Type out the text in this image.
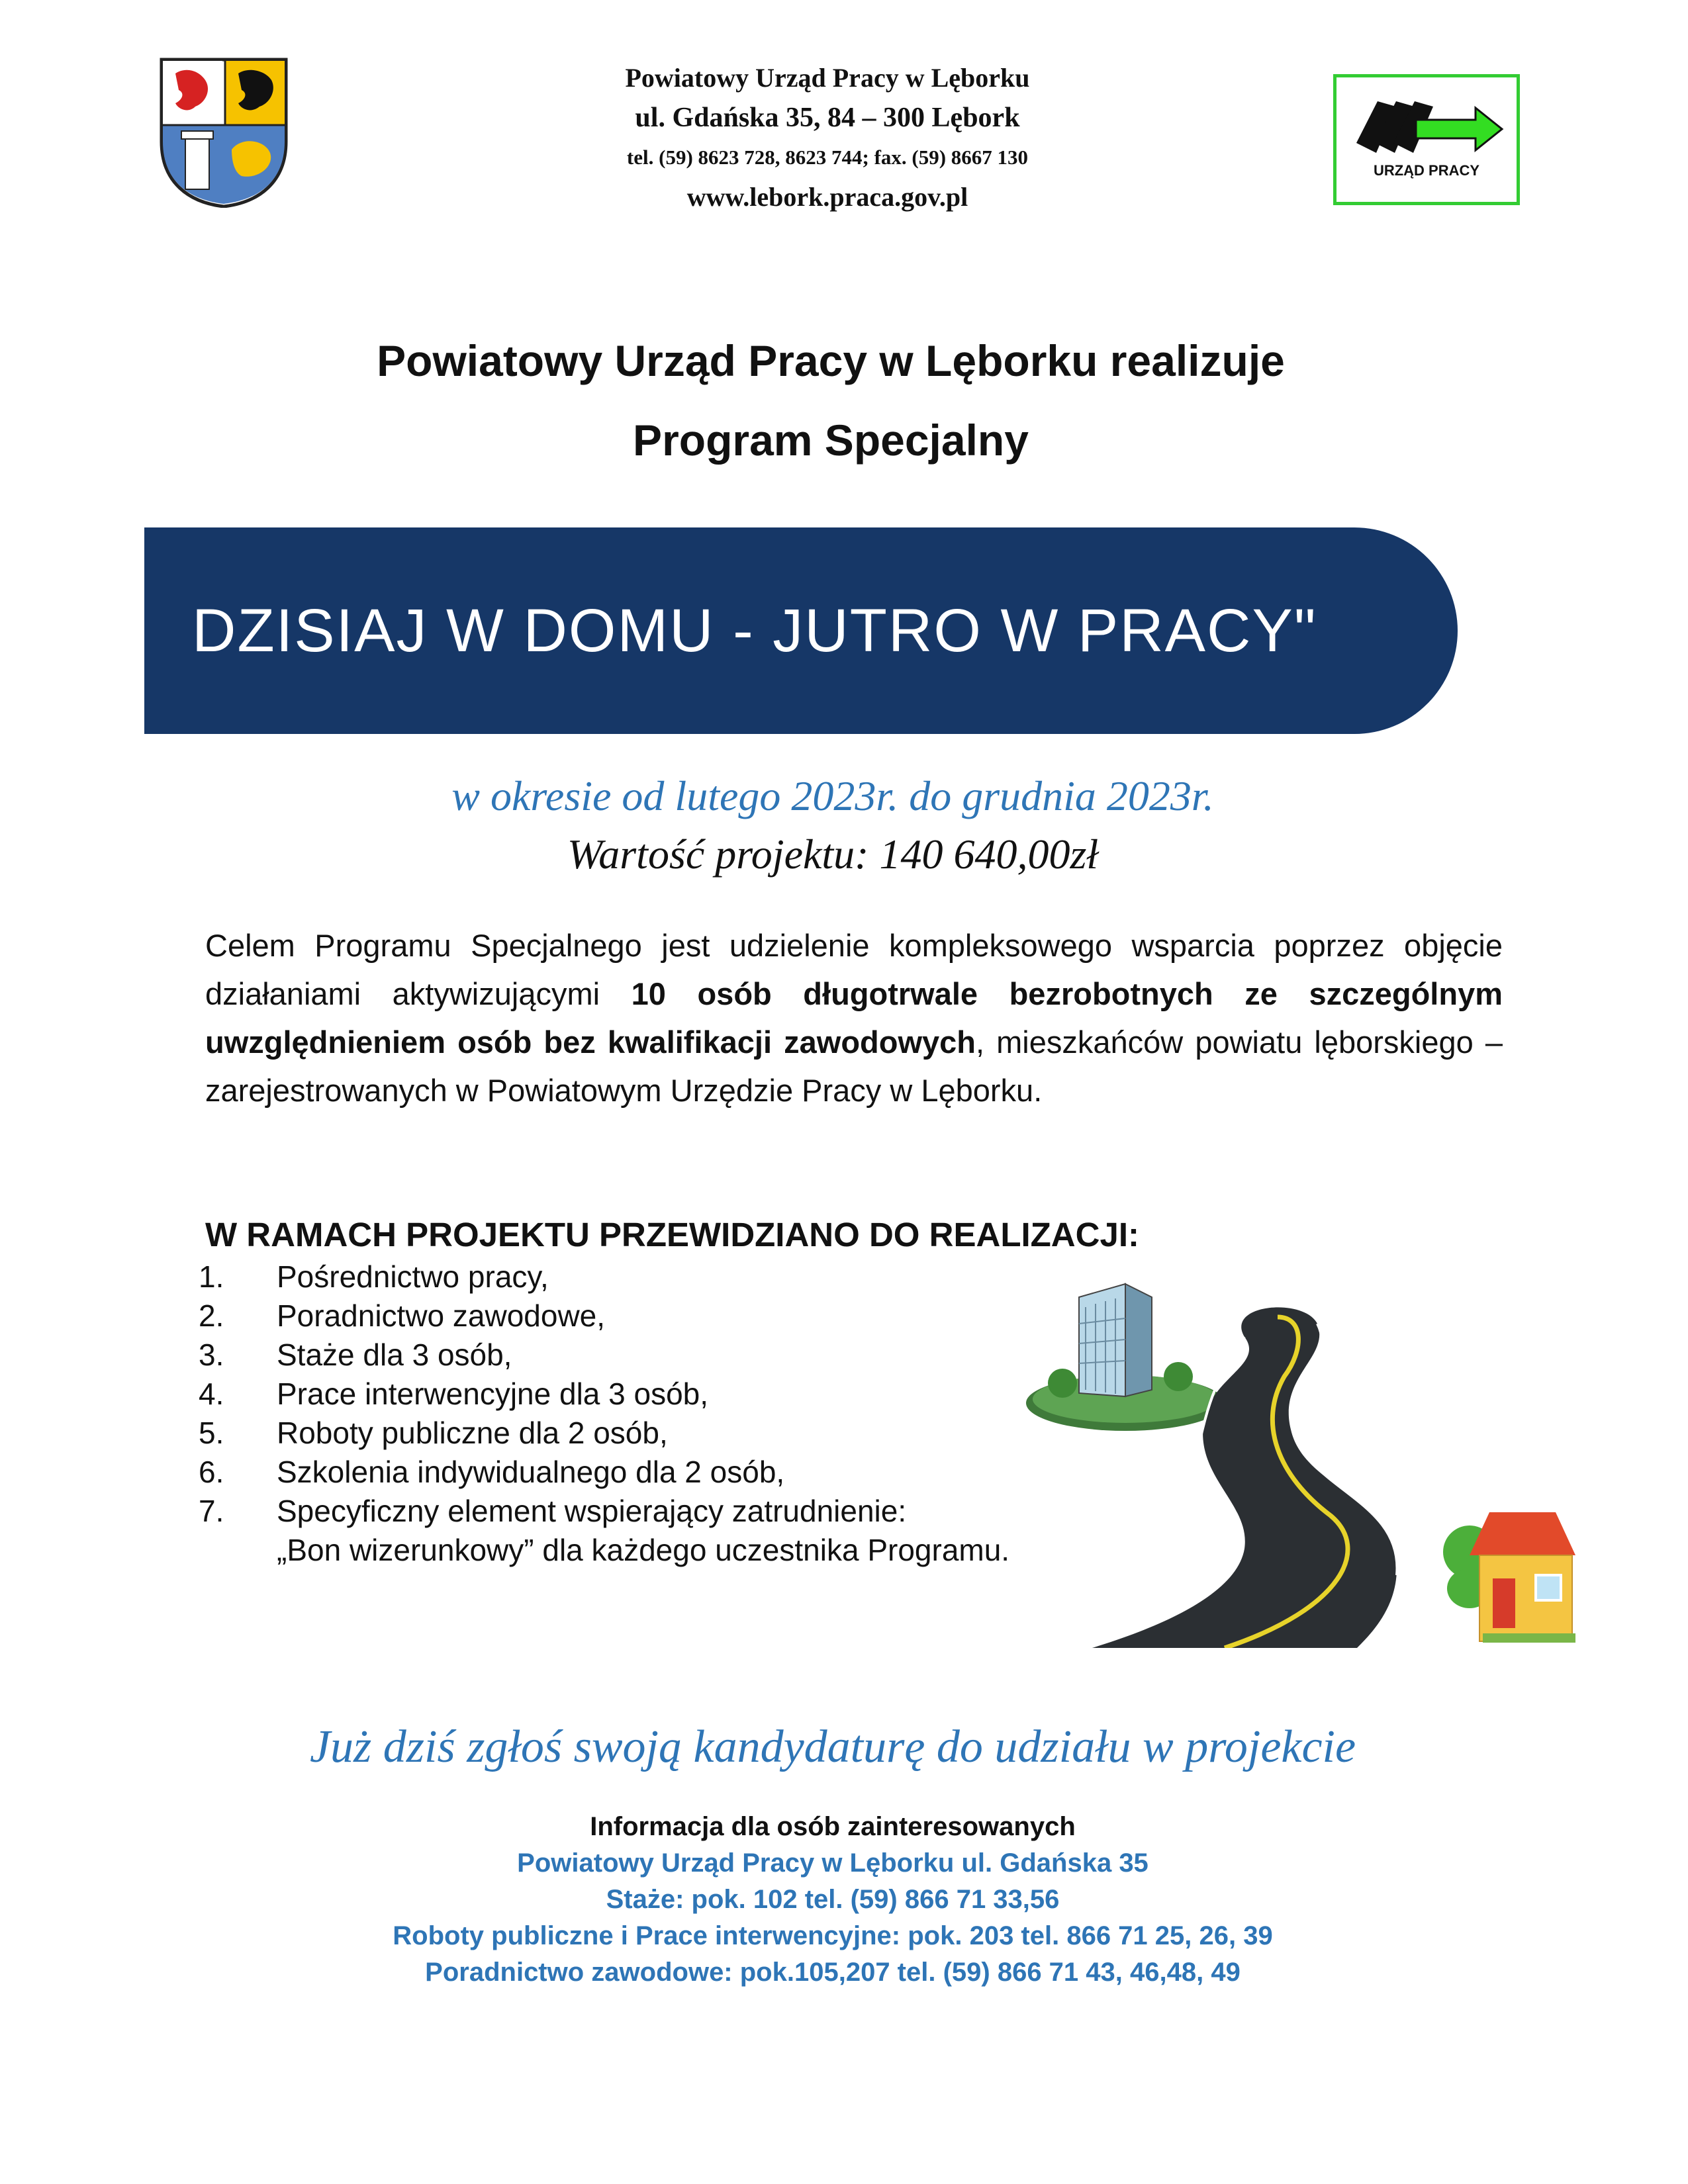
Powiatowy Urząd Pracy w Lęborku
ul. Gdańska 35, 84 – 300 Lębork
tel. (59) 8623 728, 8623 744; fax. (59) 8667 130
www.lebork.praca.gov.pl
URZĄD PRACY
Powiatowy Urząd Pracy w Lęborku realizuje
Program Specjalny
DZISIAJ W DOMU - JUTRO W PRACY"
w okresie od lutego 2023r. do grudnia 2023r.
Wartość projektu: 140 640,00zł
Celem Programu Specjalnego jest udzielenie kompleksowego wsparcia poprzez objęcie działaniami aktywizującymi 10 osób długotrwale bezrobotnych ze szczególnym uwzględnieniem osób bez kwalifikacji zawodowych, mieszkańców powiatu lęborskiego – zarejestrowanych w Powiatowym Urzędzie Pracy w Lęborku.
W RAMACH PROJEKTU PRZEWIDZIANO DO REALIZACJI:
1.	Pośrednictwo pracy,
2.	Poradnictwo zawodowe,
3.	Staże dla 3 osób,
4.	Prace interwencyjne dla 3 osób,
5.	Roboty publiczne dla 2 osób,
6.	Szkolenia indywidualnego dla 2 osób,
7.	Specyficzny element wspierający zatrudnienie:
„Bon wizerunkowy” dla każdego uczestnika Programu.
Już dziś zgłoś swoją kandydaturę do udziału w projekcie
Informacja dla osób zainteresowanych
Powiatowy Urząd Pracy w Lęborku ul. Gdańska 35
Staże: pok. 102 tel. (59) 866 71 33,56
Roboty publiczne i Prace interwencyjne: pok. 203 tel. 866 71 25, 26, 39
Poradnictwo zawodowe: pok.105,207 tel. (59) 866 71 43, 46,48, 49
